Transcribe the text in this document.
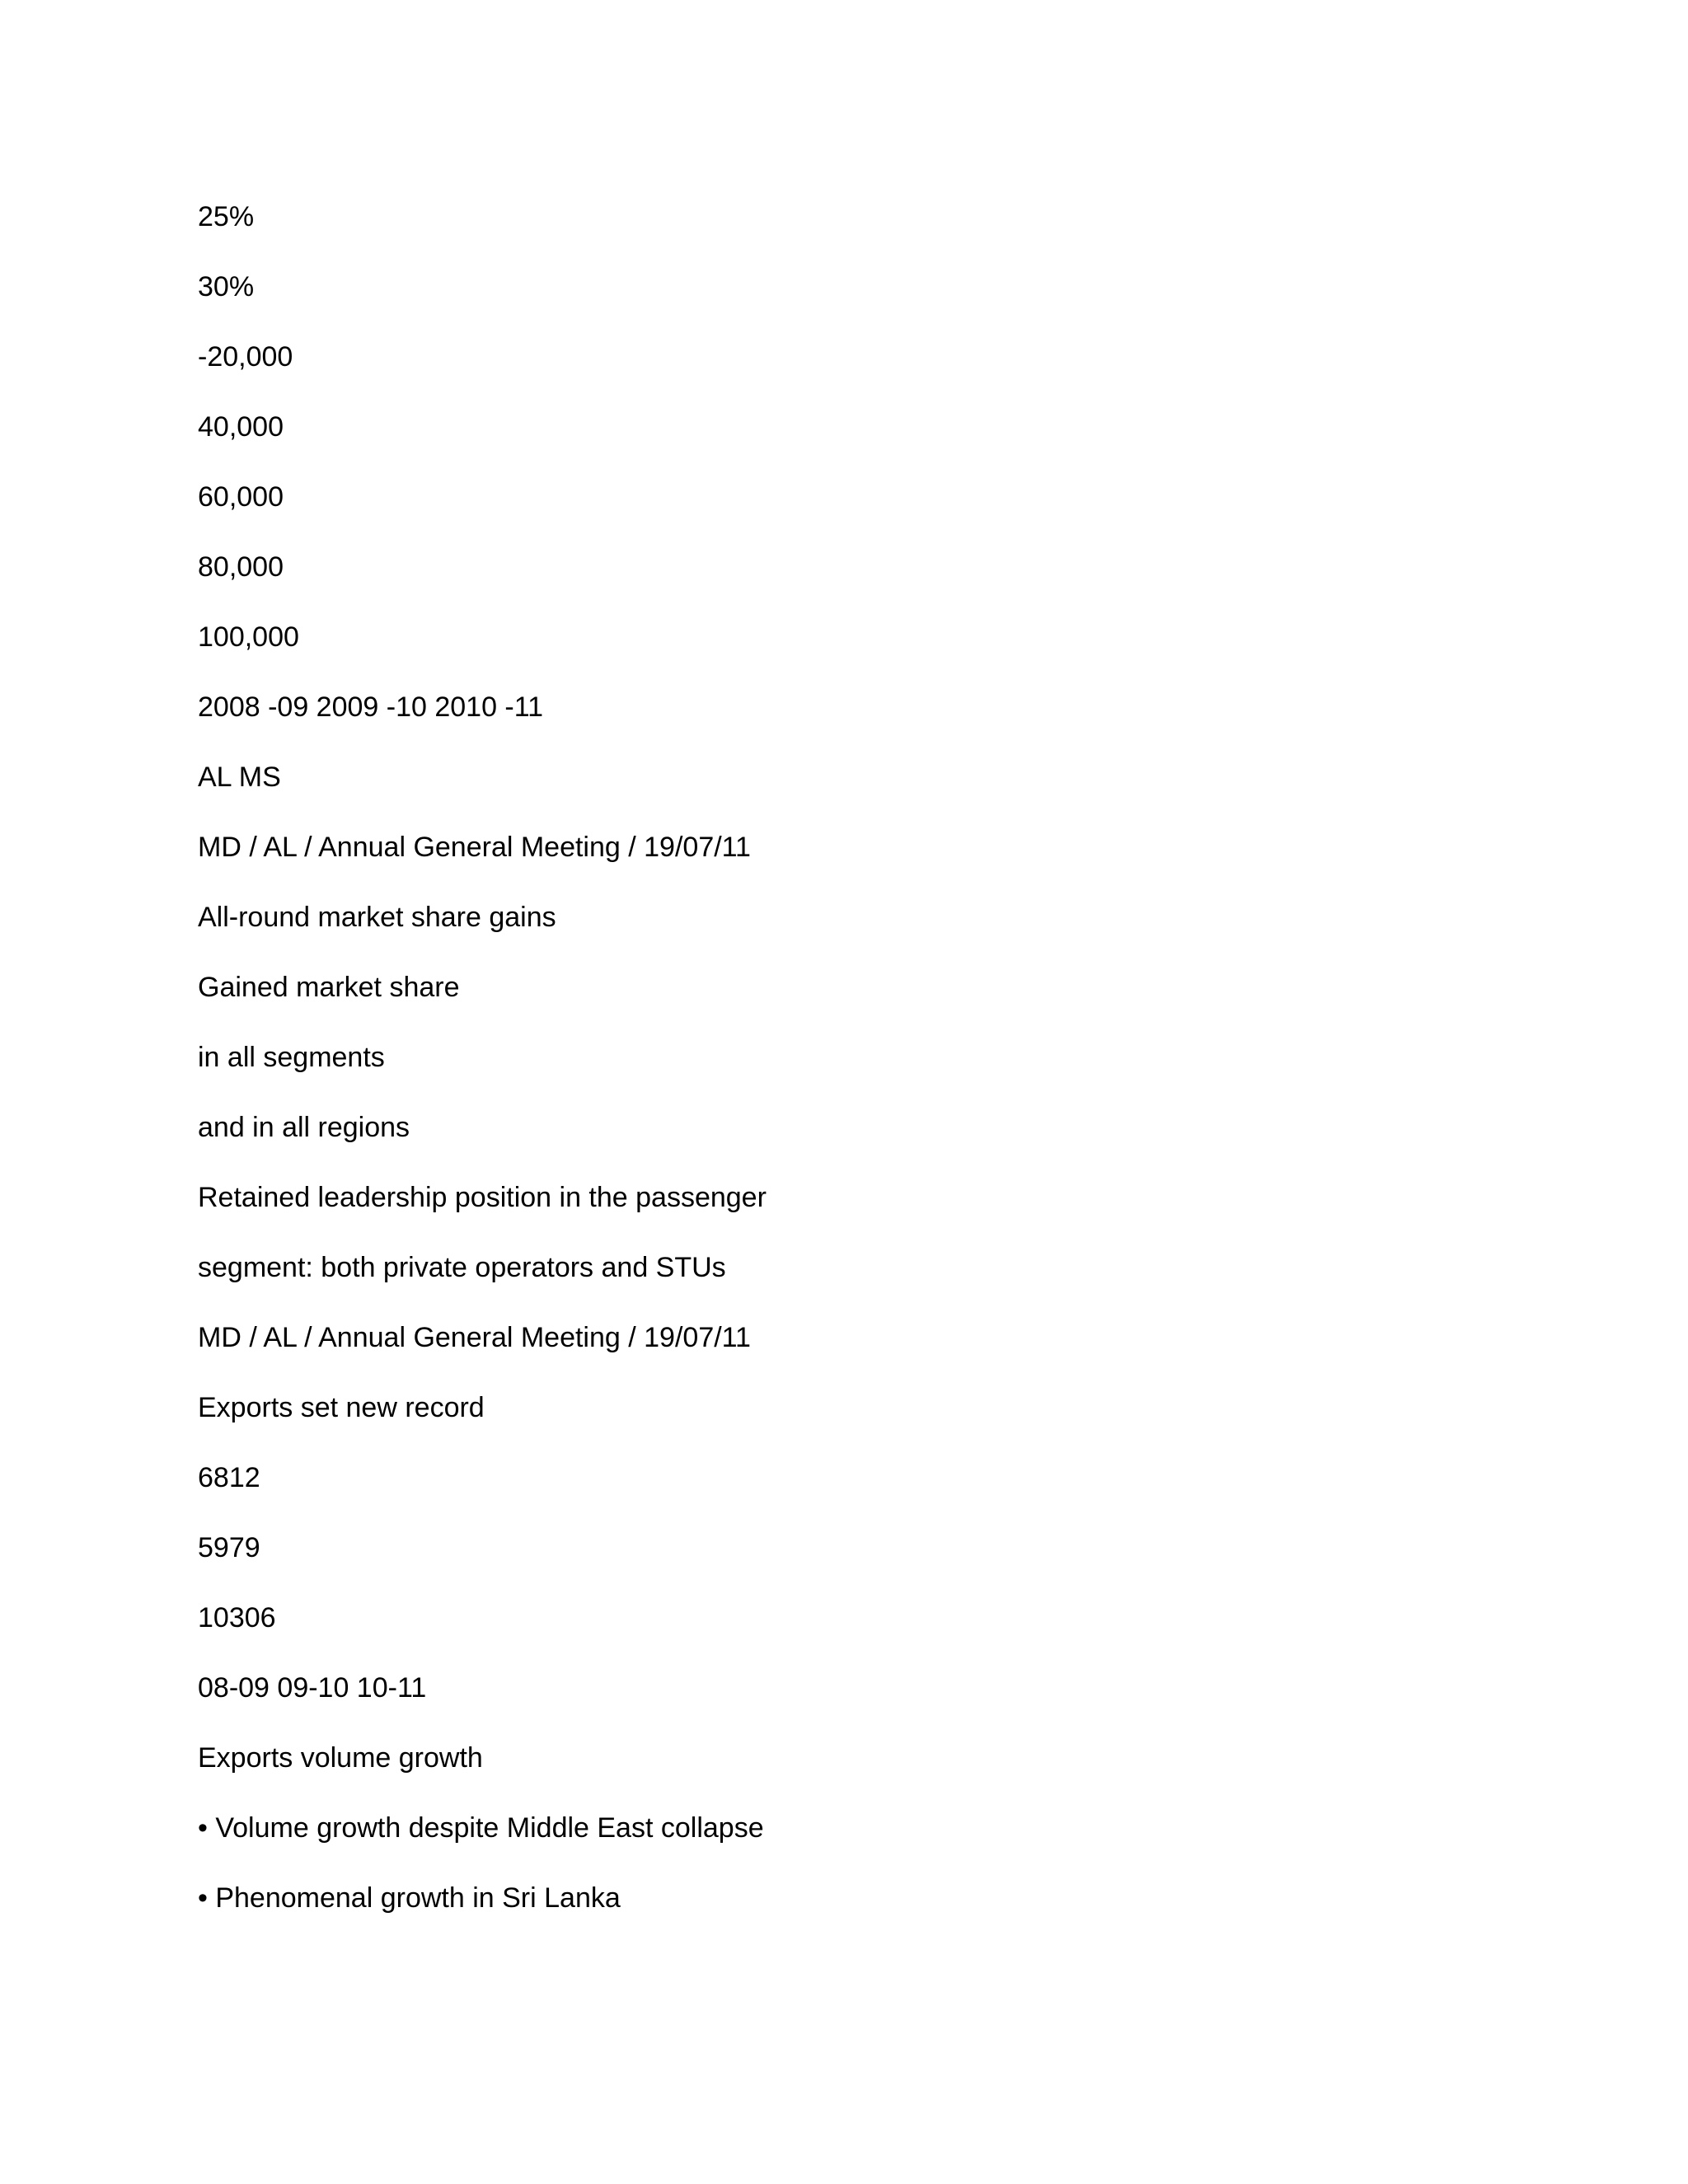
25%
30%
-20,000
40,000
60,000
80,000
100,000
2008 -09 2009 -10 2010 -11
AL MS
MD / AL / Annual General Meeting / 19/07/11
All-round market share gains
Gained market share
in all segments
and in all regions
Retained leadership position in the passenger
segment: both private operators and STUs
MD / AL / Annual General Meeting / 19/07/11
Exports set new record
6812
5979
10306
08-09 09-10 10-11
Exports volume growth
• Volume growth despite Middle East collapse
• Phenomenal growth in Sri Lanka
